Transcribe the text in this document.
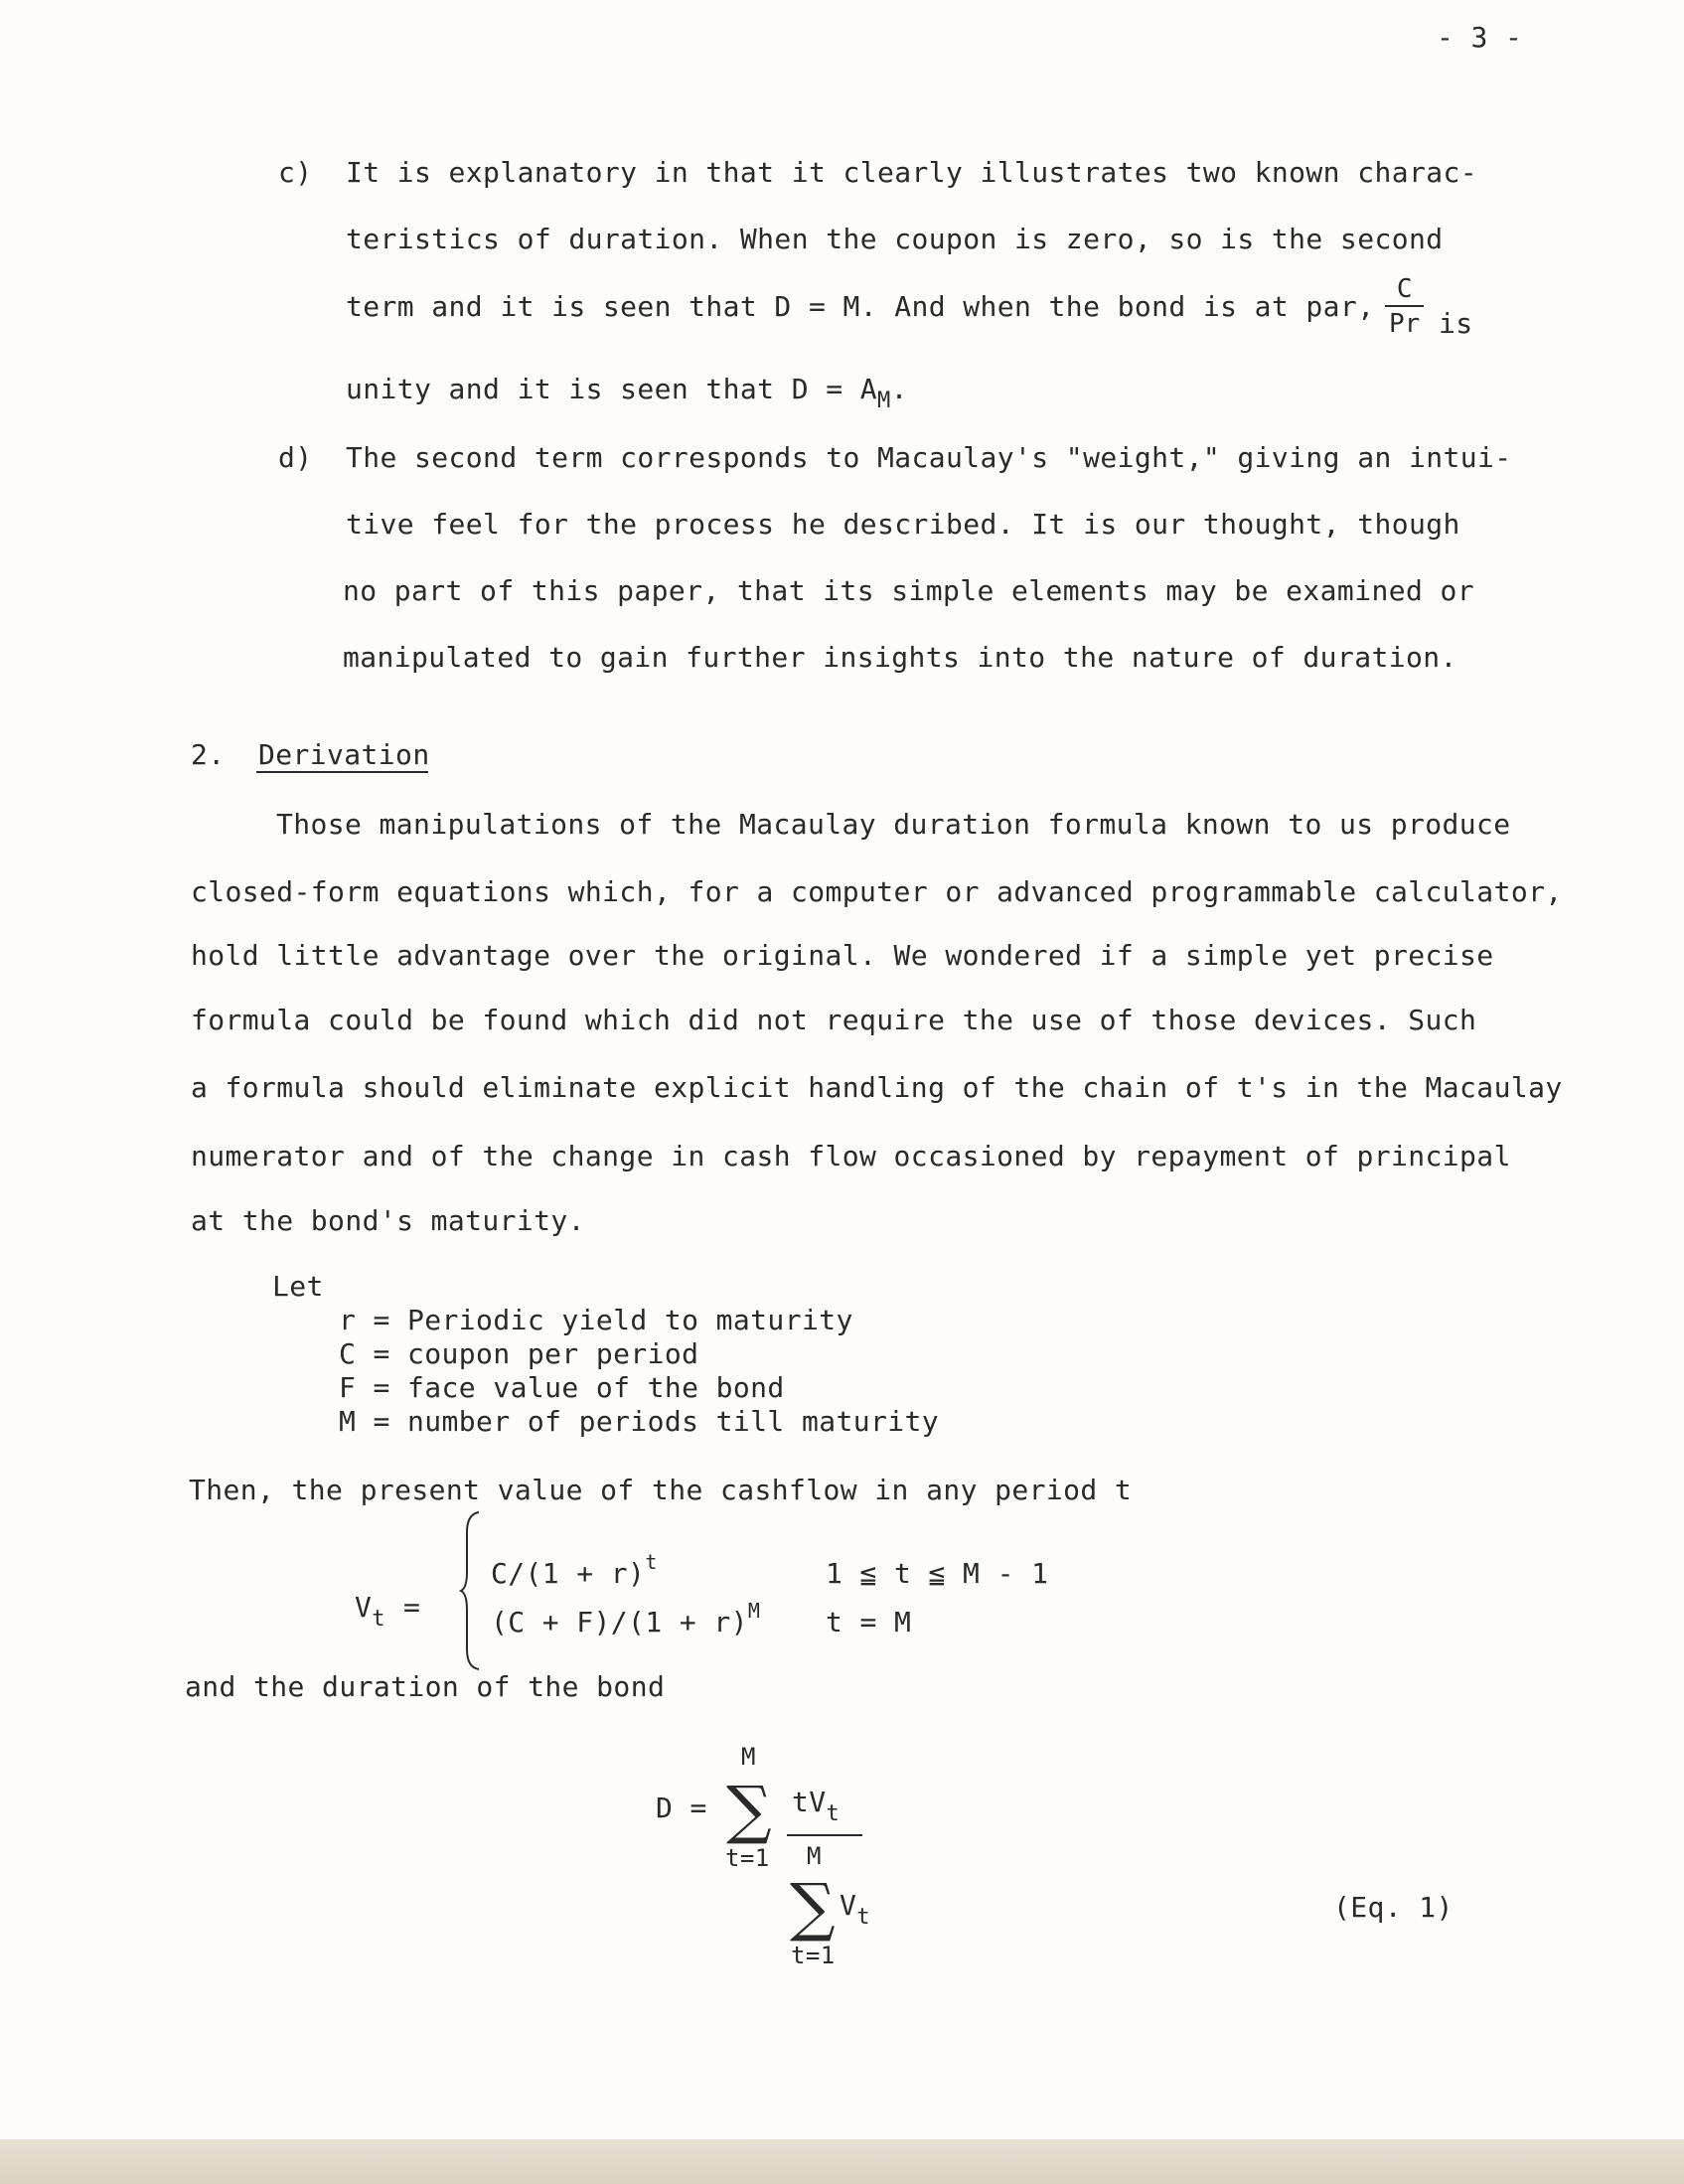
- 3 -
c) It is explanatory in that it clearly illustrates two known charac-
teristics of duration. When the coupon is zero, so is the second
term and it is seen that D = M. And when the bond is at par,
C
Pr is
unity and it is seen that $D = A_M$.
d) The second term corresponds to Macaulay's "weight," giving an intui-
tive feel for the process he described. It is our thought, though
no part of this paper, that its simple elements may be examined or
manipulated to gain further insights into the nature of duration.
2. Derivation
Those manipulations of the Macaulay duration formula known to us produce
closed-form equations which, for a computer or advanced programmable calculator,
hold little advantage over the original. We wondered if a simple yet precise
formula could be found which did not require the use of those devices. Such
a formula should eliminate explicit handling of the chain of t's in the Macaulay
numerator and of the change in cash flow occasioned by repayment of principal
at the bond's maturity.
Let
r = Periodic yield to maturity
C = coupon per period
F = face value of the bond
M = number of periods till maturity
Then, the present value of the cashflow in any period t
$V_t$ =
$C/(1 + r)^t$	1 ≦ t ≦ M - 1
$(C + F)/(1 + r)^M$ t = M
and the duration of the bond
D =
M
∑
t=1
$tV_t$
M
∑ $V_t$
t=1
(Eq. 1)
